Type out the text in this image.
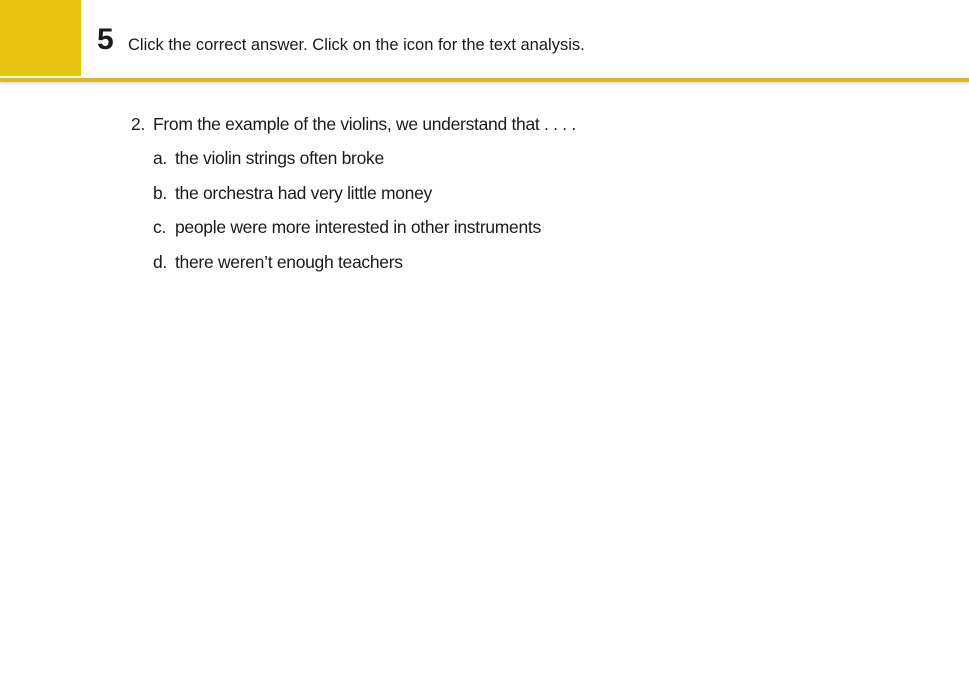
5 Click the correct answer. Click on the icon for the text analysis.
2. From the example of the violins, we understand that . . . .
a. the violin strings often broke
b. the orchestra had very little money
c. people were more interested in other instruments
d. there weren’t enough teachers
